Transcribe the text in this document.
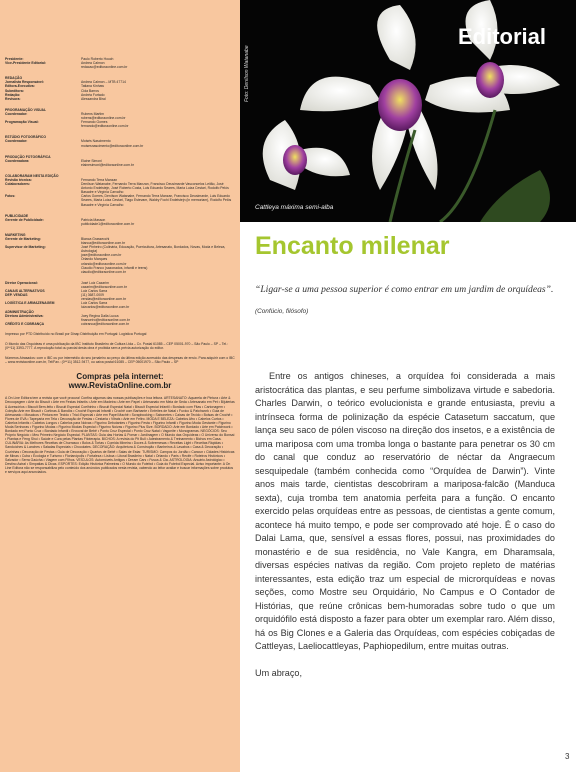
Presidente:	Paulo Roberto Houch
Vice-Presidente Editorial:	Andrea Calmon
redacao@editoraonline.com.br
REDAÇÃO
Jornalista Responsável:	Andrea Calmon – MTB 47714
Editora-Executiva:	Tatiana Kinhaw
Subeditora:	Cida Barros
Redação:	Andréa Furtado
Revisora:	Alessandra Biral
PROGRAMAÇÃO VISUAL
Coordenador:	Rubens Martim
rubens@editoraonline.com.br
Programação Visual:	Fernando Gomes
fernando@editoraonline.com.br
ESTÚDIO FOTOGRÁFICO
Coordenador:	Moisés Nascimento
moisesnascimento@editoraonline.com.br
PRODUÇÃO FOTOGRÁFICA
Coordenadora:	Elaine Simoni
elainesimoni@editoraonline.com.br
COLABORARAM NESTA EDIÇÃO
Revisão técnica:	Fernando Terra Manzan
Colaboradores:	Denílson Watanabe, Fernando Terra Manzan, Francisco Deusimarde Vasconcelos Leitão, José Antonio Endelstejn, José Roberto Costa, Luis Eduardo Seares, Maria Luiza Cestari, Rodolfo Pelós Basadre e Virgínia Carvalho
Fotos:	Carlos Gomes, Denílson Watanabe, Fernando Terra Manzan, Francisco Deusimarde, Luis Eduardo Seares, Maria Luiza Cestari, Tiago Estevam, Waldry Fochi Endelstejn (in memoriam), Rodolfo Pelós Basadre e Virgínia Carvalho
PUBLICIDADE
Gerente de Publicidade:	Patrícia Masson
publicidade1@editoraonline.com.br
MARKETING
Gerente de Marketing:	Bianca Grassecchi
bianca@editoraonline.com.br
Supervisor de Marketing:	José Pinheiro (Culinária, Educação, Puericultura, Artesanato, Bordados, Novas, Moda e Beleza, Astrologia)
jose@editoraonline.com.br
Orlando Marques
orlando@editoraonline.com.br
Claudio Franco (sazonados, infantil e teens)
claudio@editoraonline.com.br
Diretor Operacional:	José Luiz Cazarim
cazarim@editoraonline.com.br
CANAIS ALTERNATIVOS	Luiz Carlos Sarra
DEP. VENDAS	(11) 3687-0009
vendas@editoraonline.com.br
LOGÍSTICA E ARMAZENAGEM	Luiz Carlos Sarra
luizcarlos@editoraonline.com.br
ADMINISTRAÇÃO
Diretora Administrativa:	Joey Regina Dalla Lucca
financeiro@editoraonline.com.br
CRÉDITO E COBRANÇA	cobranca@editoraonline.com.br
Impresso por PTD Distribuído no Brasil por Dinap Distribuição em Portugal: Logística Portugal
O Mundo das Orquídeas é uma publicação da IBC Instituto Brasileiro de Cultura Ltda – Cx. Postal 61085 – CEP 05001-970 – São Paulo – SP – Tel.: (0**11) 3393-7777. A reprodução total ou parcial desta obra é proibida sem a prévia autorização do editor.
Números Atrasados: com o IBC ou por intermédio do seu jornaleiro ao preço da última edição acrescido das despesas de envio. Para adquirir com o IBC – www.revistaonline.com.br, Tel/Fax.: (0**11) 3512-9477, ou caixa postal 61085 – CEP 05001970 – São Paulo – SP
Compras pela internet:
www.RevistaOnline.com.br
A On Line Editora tem a revista que você procura! Confira algumas das nossas publicações e boa leitura. ARTESANATO: Aquarela de Pintura • Arte & Decoupagem • Arte do Biscuit • Arte em Festas Infantis • Arte em Madeira • Arte em Papel • Artesanato em Meia de Seda • Artesanato em Pet • Bijuterias & Acessórios • Biscuit Bem-feito • Biscuit Especial Coelhinho • Biscuit Especial Natal • Biscuit Especial Infantil • Bordado com Fitas • Cartonagem • Coleção Arte em Biscuit • Cortinas & Bandôs • Crochê Especial Infantil • Crochê com Barbante • Enfeites de Natal • Fuxico & Patchwork • Guia de Artesanato • Mosaicos • Pintura em Tecido • Tricô Especial • Arte em Papel Machê • Scrapbooking • Sabonetes • Caixas de Tecido • Bolsas de Crochê • Flores de EVA • Tapeçaria em Tela • Decoração de Festas • Cestaria • Vitrais • Arte em Feltro. MODA E BELEZA: Cabelos Afro • Cabelos Curtos • Cabelos Infantis • Cabelos Longos • Cabelos para Noivas • Figurino Debutantes • Figurino Festa • Figurino Infantil • Figurino Moda Gestante • Figurino Moda Senhoras • Figurino Modas • Figurino Modas Especial • Figurino Noivas • Figurino Plus Size. BORDADO: Arte em Bordado • Arte em Patchwork • Bordado em Ponto Cruz • Bordado Infantil • Enxoval de Bebê • Ponto Cruz Especial • Ponto Cruz Natal • Vagonite • Monogramas. NEGÓCIOS: Seu Próprio Negócio • Meu Primeiro Negócio Especial. PLANTAS: Guia das Hortas & Pomar • Jardinagem • O Mundo das Orquídeas • O Universo do Bonsai • Plantas e Feng Shui • Saúde e Cura pelas Plantas Fitoterapia. BICHOS: A revista do Pit Bull • Adestramento & Treinamento • Bichos em Casa. CULINÁRIA: As Melhores Receitas de Churrasco • Bolos & Tortas • Comida Mineira • Doces & Sobremesas • Receitas Light • Receitas Rápidas • Sanduíches & Lanches • Saladas Especiais • Chocolates. DECORAÇÃO: Arquitetura & Construção • Banheiros & Lavabos • Casa & Decoração • Cozinhas • Decoração de Festas • Guia de Decoração • Quartos de Bebê • Salas de Estar. TURISMO: Campos do Jordão • Cancun • Cidades Históricas de Minas • Cuba • Ecologia e Turismo • Florianópolis • Fortaleza • Lisboa • Litoral Brasileiro • Natal • Orlando • Paris • Recife • Roteiros Históricos • Salvador • Serra Gaúcha • Viagem com Filhos. VEÍCULOS: Automóveis Antigos • Dream Cars • Fusca & Cia. ASTROLOGIA: Anuário Astrológico • Destino Astral • Simpatias & Dicas. ESPORTES: Edição Histórica Palmeiras • O Mundo do Futebol • Guia do Futebol Especial. Aviso importante: A On Line Editora não se responsabiliza pelo conteúdo dos anúncios publicados nesta revista, cabendo ao leitor avaliar e buscar informações sobre produtos e serviços aqui anunciados.
Foto: Denílson Watanabe
Editorial
Cattleya máxima semi-alba
Encanto milenar
“Ligar-se a uma pessoa superior é como entrar em um jardim de orquídeas”.
(Confúcio, filósofo)

Entre os antigos chineses, a orquídea foi considerada a mais aristocrática das plantas, e seu perfume simbolizava virtude e sabedoria. Charles Darwin, o teórico evolucionista e grande entusiasta, previu a intrínseca forma de polinização da espécie Catasetum saccatum, que lança seu saco de pólen viscoso na direção dos insetos, e a existência de uma mariposa com uma tromba longa o bastante para penetrar os 30 cm do canal que conduz ao reservatório de néctar da Angraecum sesquipedale (também conhecida como “Orquídea de Darwin”). Vinte anos mais tarde, cientistas descobriram a mariposa-falcão (Manduca sexta), cuja tromba tem anatomia perfeita para a função. O encanto exercido pelas orquídeas entre as pessoas, de cientistas a gente comum, acontece há muito tempo, e pode ser comprovado até hoje. É o caso do Dalai Lama, que, sensível a essas flores, possui, nas proximidades do monastério e de sua residência, no Vale Kangra, em Dharamsala, diversas espécies nativas da região. Com projeto repleto de matérias interessantes, esta edição traz um especial de microrquídeas e novas seções, como Mostre seu Orquidário, No Campus e O Contador de Histórias, que reúne crônicas bem-humoradas sobre tudo o que um orquidófilo está disposto a fazer para obter um exemplar raro. Além disso, há os Big Clones e a Galeria das Orquídeas, com espécies cobiçadas de Cattleyas, Laeliocattleyas, Paphiopedilum, entre muitas outras.

Um abraço,
3
